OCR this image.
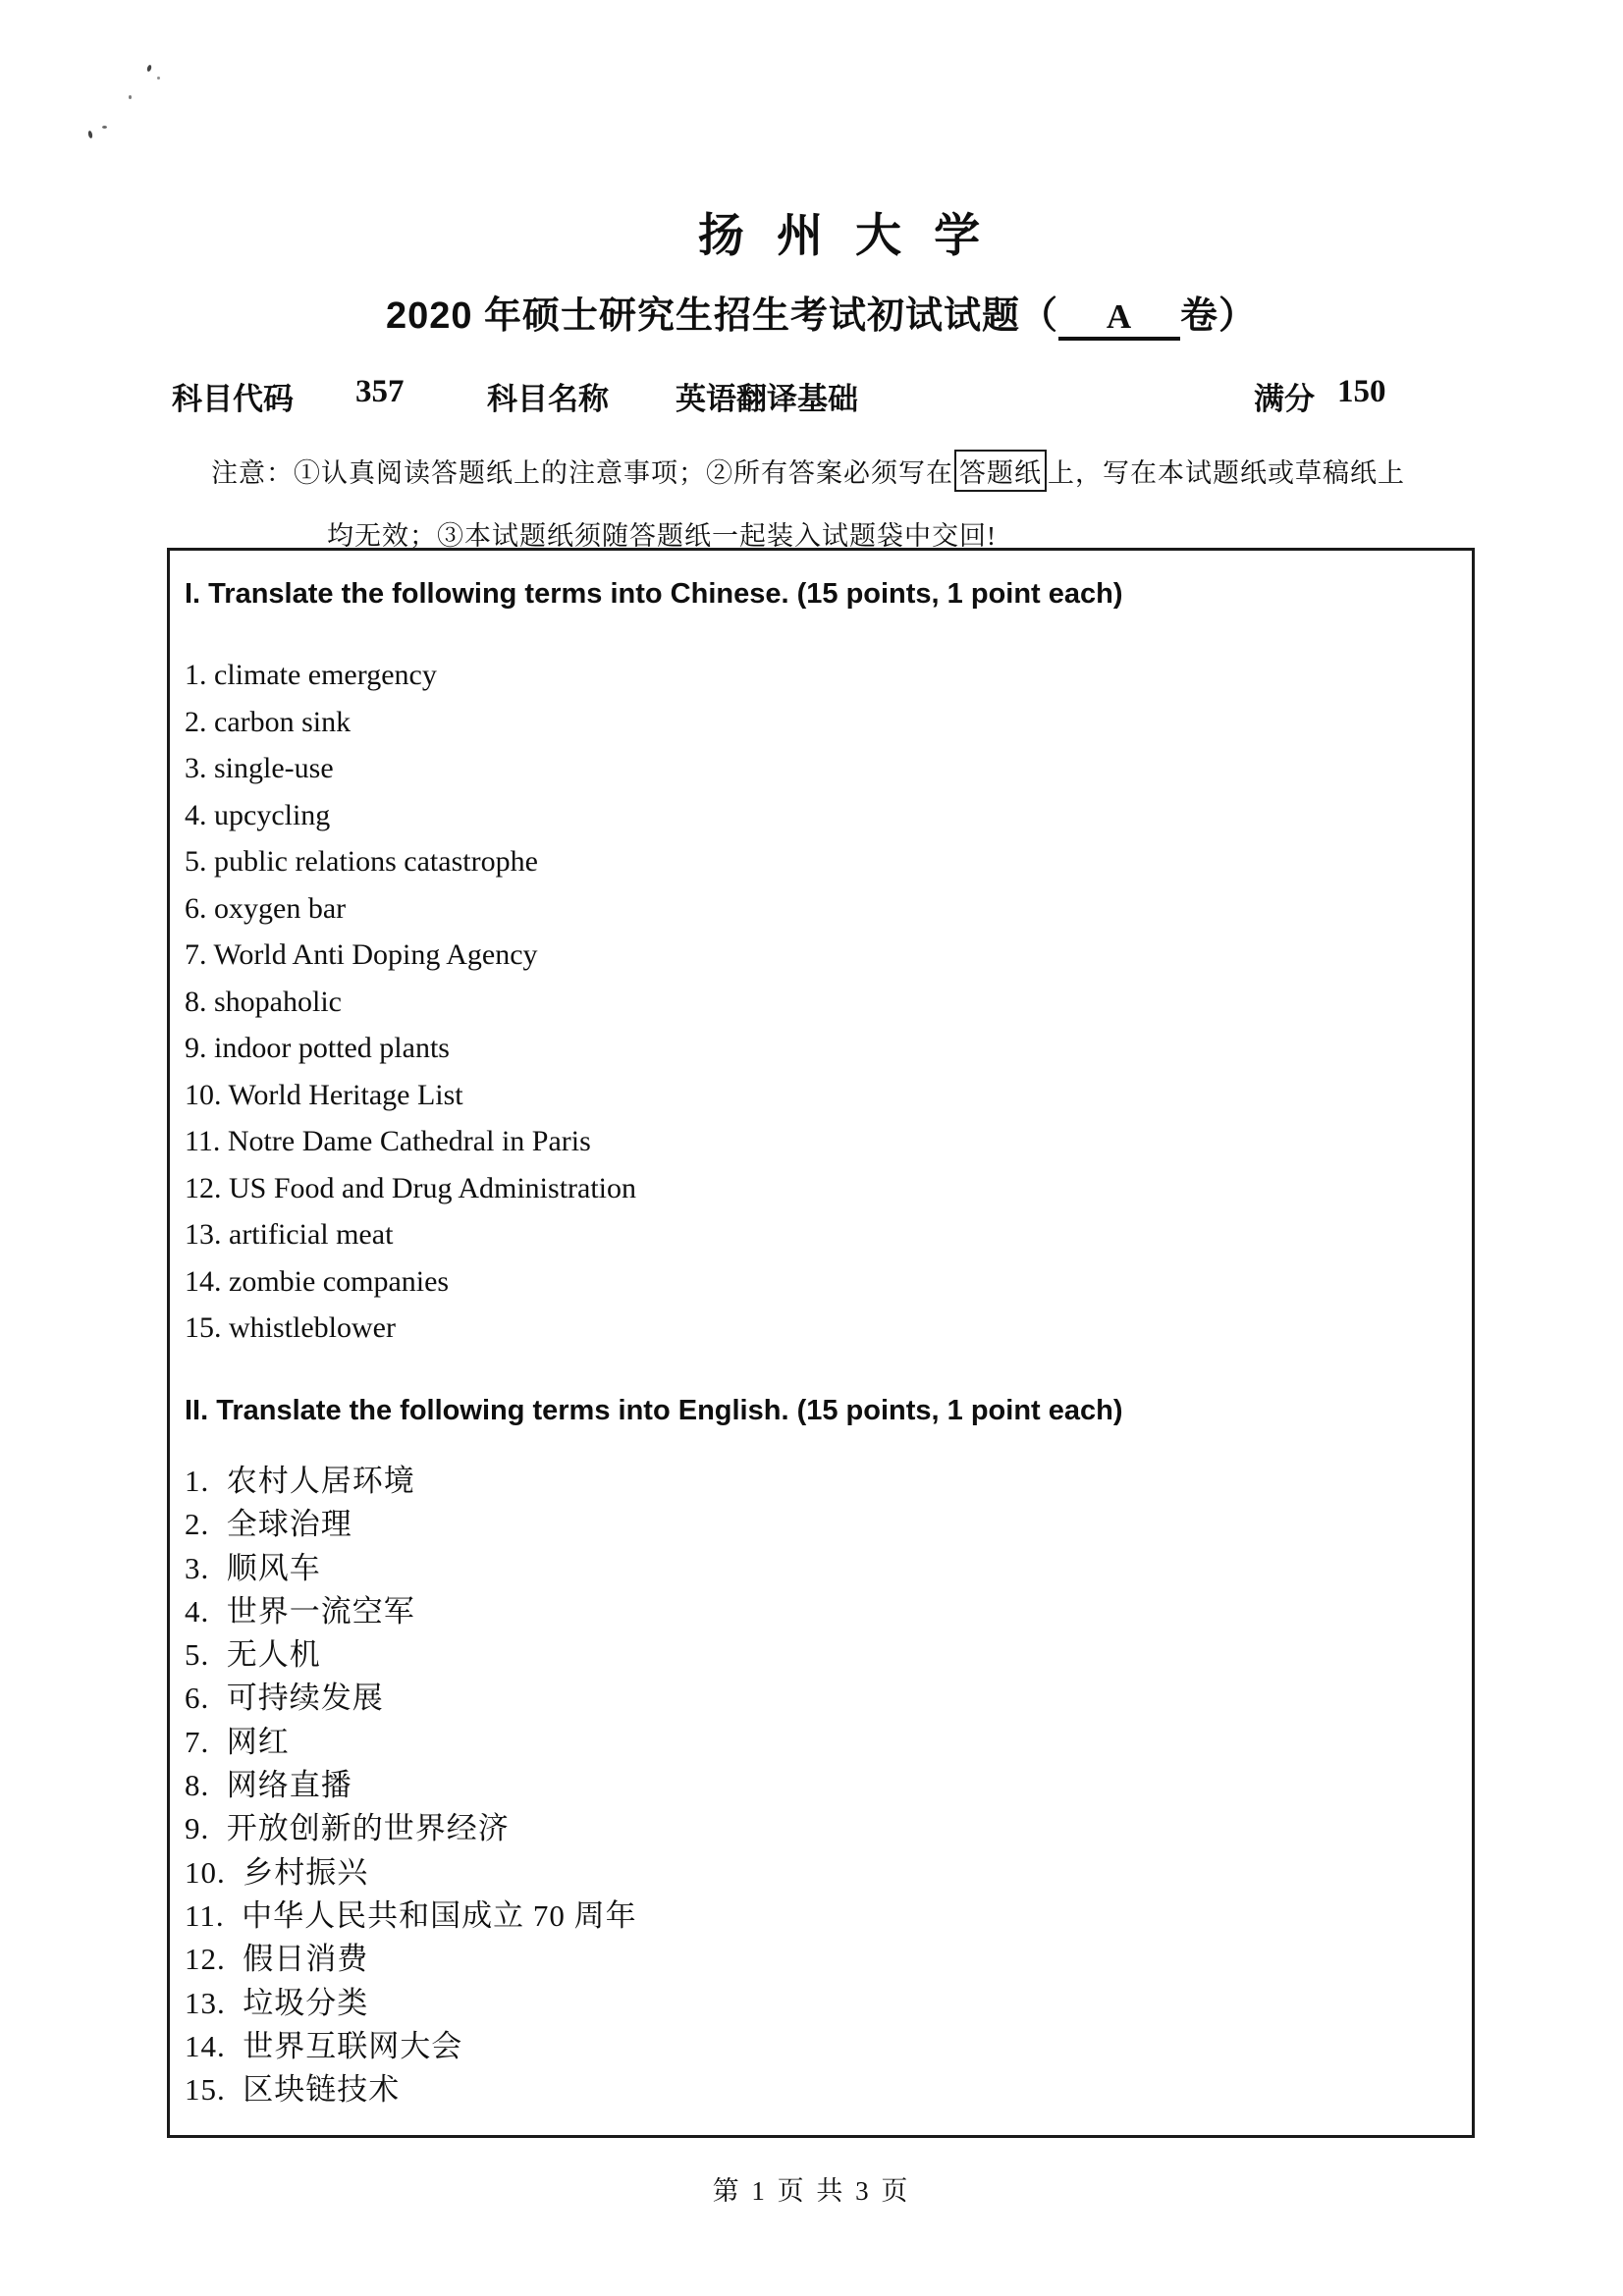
扬 州 大 学
2020 年硕士研究生招生考试初试试题（ A 卷）
科目代码 357	科目名称 英语翻译基础	满分 150
注意：①认真阅读答题纸上的注意事项；②所有答案必须写在 答题纸 上，写在本试题纸或草稿纸上
均无效；③本试题纸须随答题纸一起装入试题袋中交回!
I. Translate the following terms into Chinese. (15 points, 1 point each)
1. climate emergency
2. carbon sink
3. single-use
4. upcycling
5. public relations catastrophe
6. oxygen bar
7. World Anti Doping Agency
8. shopaholic
9. indoor potted plants
10. World Heritage List
11. Notre Dame Cathedral in Paris
12. US Food and Drug Administration
13. artificial meat
14. zombie companies
15. whistleblower
II. Translate the following terms into English. (15 points, 1 point each)
1.  农村人居环境
2.  全球治理
3.  顺风车
4.  世界一流空军
5.  无人机
6.  可持续发展
7.  网红
8.  网络直播
9.  开放创新的世界经济
10.  乡村振兴
11.  中华人民共和国成立 70 周年
12.  假日消费
13.  垃圾分类
14.  世界互联网大会
15.  区块链技术
第 1 页 共 3 页
